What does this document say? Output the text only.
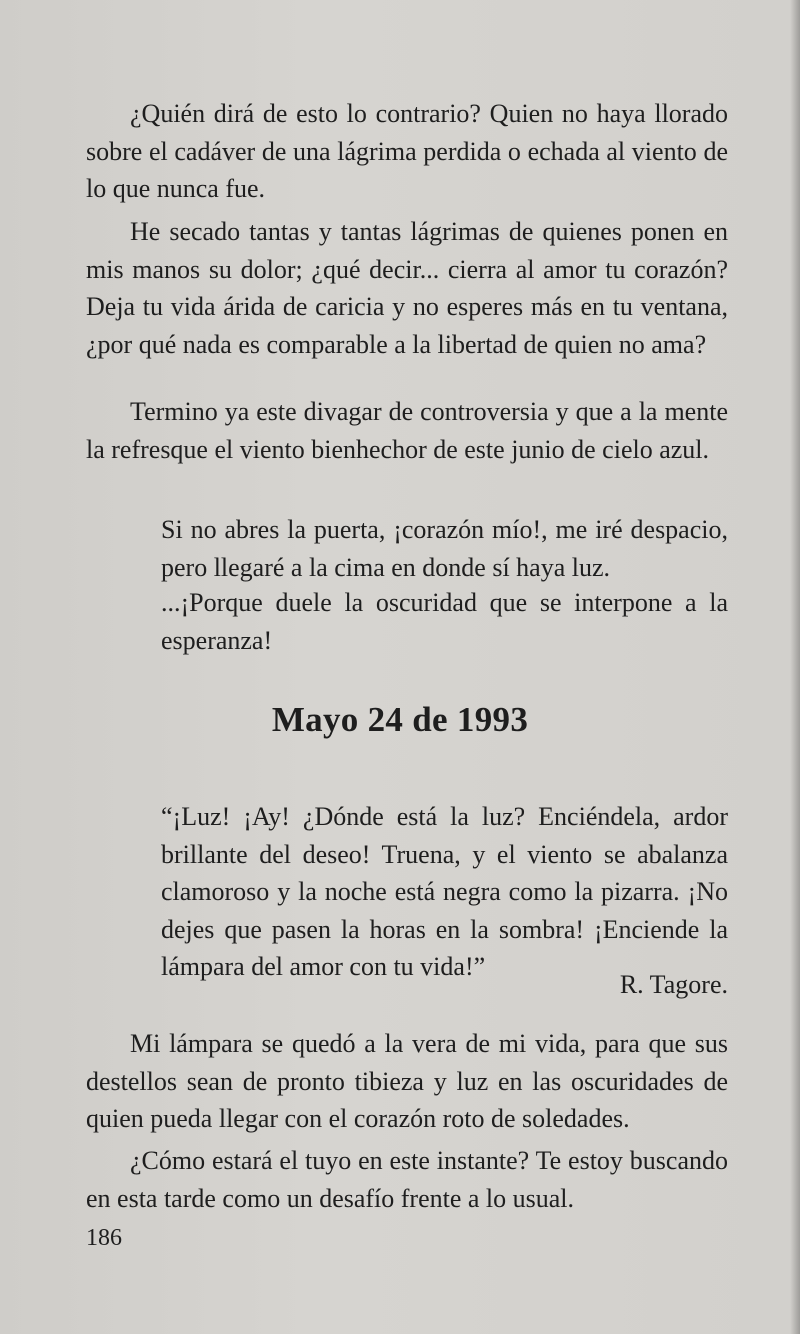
¿Quién dirá de esto lo contrario? Quien no haya llorado sobre el cadáver de una lágrima perdida o echada al viento de lo que nunca fue.

He secado tantas y tantas lágrimas de quienes ponen en mis manos su dolor; ¿qué decir... cierra al amor tu corazón? Deja tu vida árida de caricia y no esperes más en tu ventana, ¿por qué nada es comparable a la libertad de quien no ama?

Termino ya este divagar de controversia y que a la mente la refresque el viento bienhechor de este junio de cielo azul.

Si no abres la puerta, ¡corazón mío!, me iré despacio, pero llegaré a la cima en donde sí haya luz.

...¡Porque duele la oscuridad que se interpone a la esperanza!

Mayo 24 de 1993

“¡Luz! ¡Ay! ¿Dónde está la luz? Enciéndela, ardor brillante del deseo! Truena, y el viento se abalanza clamoroso y la noche está negra como la pizarra. ¡No dejes que pasen la horas en la sombra! ¡Enciende la lámpara del amor con tu vida!”

R. Tagore.

Mi lámpara se quedó a la vera de mi vida, para que sus destellos sean de pronto tibieza y luz en las oscuridades de quien pueda llegar con el corazón roto de soledades.

¿Cómo estará el tuyo en este instante? Te estoy buscando en esta tarde como un desafío frente a lo usual.

186
